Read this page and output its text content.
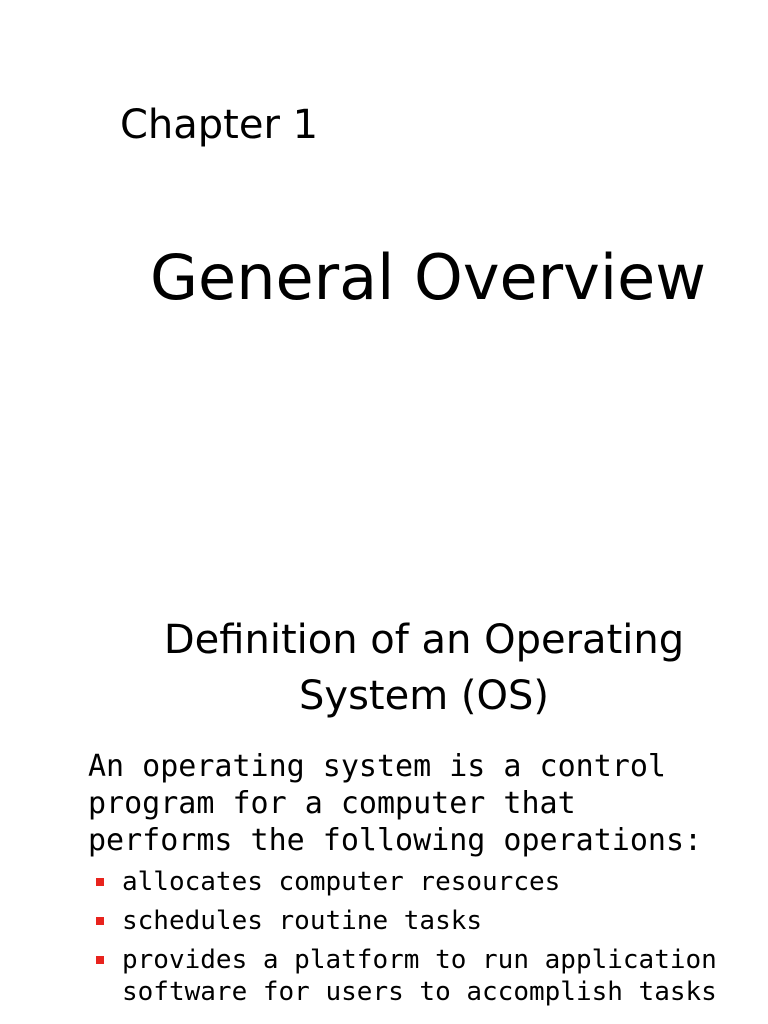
Chapter 1
General Overview
Definition of an Operating
System (OS)
An operating system is a control
program for a computer that
performs the following operations:
allocates computer resources
schedules routine tasks
provides a platform to run application
software for users to accomplish tasks
